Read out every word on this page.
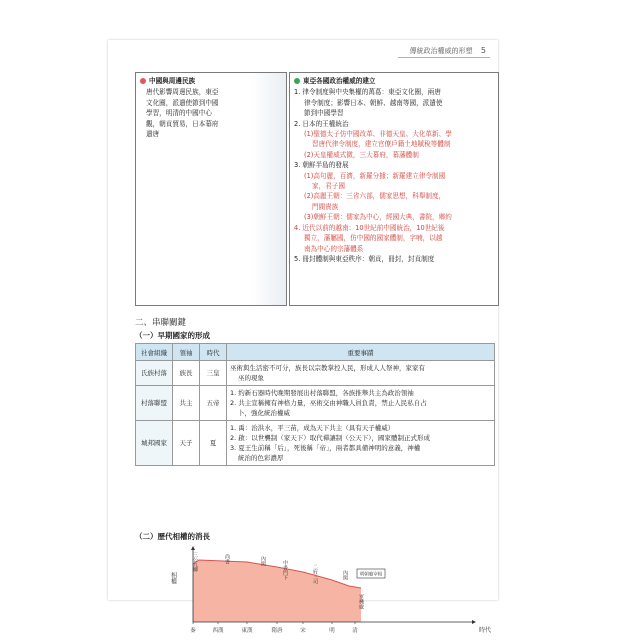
傳統政治權威的形塑 5
中國與周邊民族
唐代影響周邊民族，東亞
文化圈，派遣使節到中國
學習，明清的中國中心
觀，朝貢貿易，日本幕府
遣唐
東亞各國政治權威的建立
1. 律令制度與中央集權的萬葛：東亞文化圈，兩唐
律令制度；影響日本、朝鮮、越南等國，派遣使
節到中國學習
2. 日本的王權統治
(1)聖德太子仿中國改革、非德天皇、大化革新、學
習唐代律令制度，建立官僚戶籍土地賦稅等體制
(2)天皇權威式微，三大幕府，幕藩體制
3. 朝鮮半島的發展
(1)高句麗，百濟，新羅分據；新羅建立律令制國
家，君子國
(2)高麗王朝：三省六部，儒家思想，科舉制度，
門閥貴族
(3)朝鮮王朝：儒家為中心，經國大典，書院，鄉約
4. 近代以前的越南：10世紀前中國統治，10世紀後
獨立，藩屬國，仿中國的國家體制，字喃，以越
南為中心的宗藩體系
5. 冊封體制與東亞秩序：朝貢，冊封，封貢制度
二、串聯關鍵
（一）早期國家的形成
社會組織	領袖	時代	重要事蹟
氏族村落	族長	三皇	巫術與生活密不可分，族長以宗教掌控人民，形成人人祭神，家家有
巫的現象

村落聯盟	共主	五帝	1. 約新石器時代晚期發展出村落聯盟，各族推舉共主為政治領袖
2. 共主宣稱擁有神格力量，巫術交由神職人員負責，禁止人民私自占
卜，強化統治權威

城邦國家	天子	夏	1. 禹：治洪水，平三苗，成為天下共主（具有天子權威）
2. 啟：以世襲制（家天下）取代禪讓制（公天下），國家體制正式形成
3. 夏王生前稱「后」，死後稱「帝」，兩者都具備神明的意義，神權
統治的色彩濃厚
（二）歷代相權的消長
相權
時代
秦	西漢	東漢	隋唐	宋	明	清
三公九卿	尚書	內閣	中書門下	二府三司	內閣
軍機處
明朝廢宰相
